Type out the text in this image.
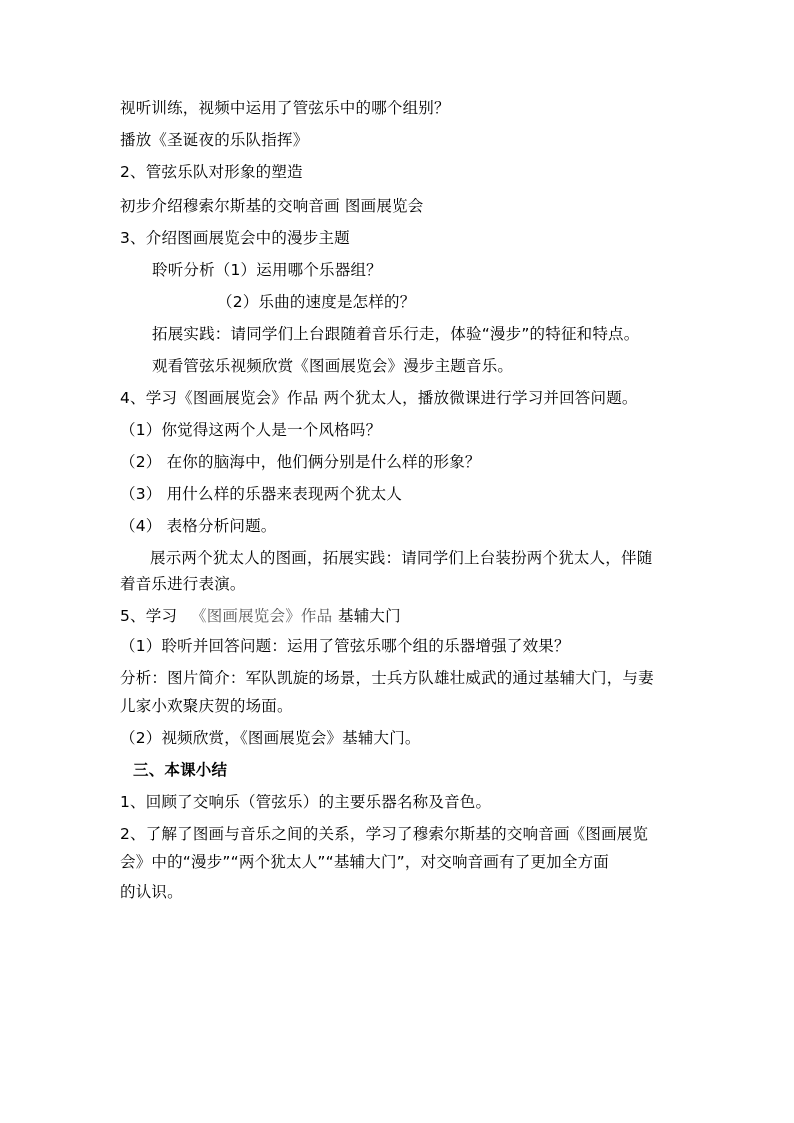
视听训练，视频中运用了管弦乐中的哪个组别？
播放《圣诞夜的乐队指挥》
2、管弦乐队对形象的塑造
初步介绍穆索尔斯基的交响音画 图画展览会
3、介绍图画展览会中的漫步主题
聆听分析（1）运用哪个乐器组？
（2）乐曲的速度是怎样的？
拓展实践：请同学们上台跟随着音乐行走，体验“漫步”的特征和特点。
观看管弦乐视频欣赏《图画展览会》漫步主题音乐。
4、学习《图画展览会》作品 两个犹太人，播放微课进行学习并回答问题。
（1）你觉得这两个人是一个风格吗？
（2） 在你的脑海中，他们俩分别是什么样的形象？
（3） 用什么样的乐器来表现两个犹太人
（4） 表格分析问题。
展示两个犹太人的图画，拓展实践：请同学们上台装扮两个犹太人，伴随
着音乐进行表演。
5、学习 《图画展览会》作品 基辅大门
（1）聆听并回答问题：运用了管弦乐哪个组的乐器增强了效果？
分析：图片简介：军队凯旋的场景，士兵方队雄壮威武的通过基辅大门，与妻
儿家小欢聚庆贺的场面。
（2）视频欣赏，《图画展览会》基辅大门。
三、本课小结
1、回顾了交响乐（管弦乐）的主要乐器名称及音色。
2、了解了图画与音乐之间的关系，学习了穆索尔斯基的交响音画《图画展览
会》中的“漫步”“两个犹太人”“基辅大门”，对交响音画有了更加全方面
的认识。
